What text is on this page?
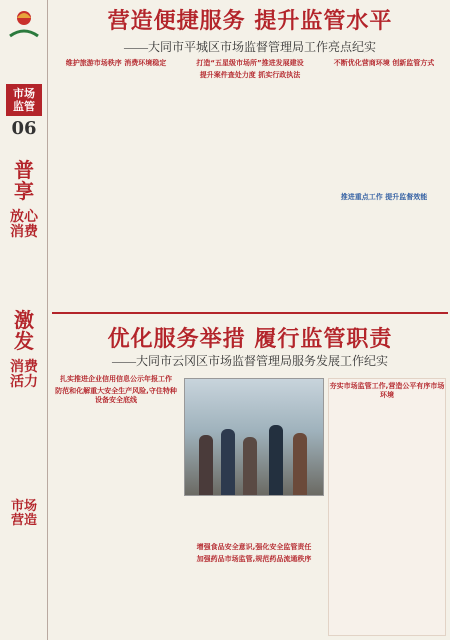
市场
监管
06
普享
放心消费
激发
消费活力
市场营造
营造便捷服务 提升监管水平
——大同市平城区市场监督管理局工作亮点纪实

维护旅游市场秩序 消费环境稳定	打造“五星级市场所”推进发展建设

提升案件查处力度 抓实行政执法

不断优化营商环境 创新监管方式

推进重点工作 提升监督效能

优化服务举措 履行监管职责
——大同市云冈区市场监督管理局服务发展工作纪实

扎实推进企业信用信息公示年报工作

防范和化解重大安全生产风险,守住特种设备安全底线

增强食品安全意识,强化安全监管责任

加强药品市场监管,规范药品流通秩序

夯实市场监管工作,营造公平有序市场环境
